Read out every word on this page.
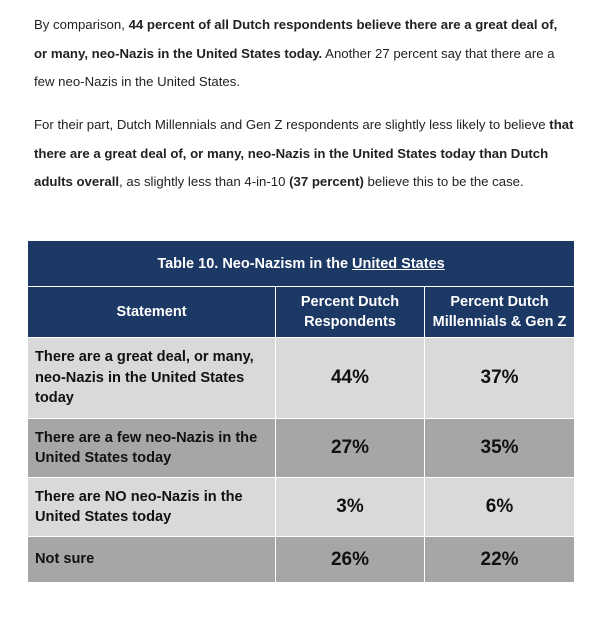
By comparison, 44 percent of all Dutch respondents believe there are a great deal of, or many, neo-Nazis in the United States today. Another 27 percent say that there are a few neo-Nazis in the United States.

For their part, Dutch Millennials and Gen Z respondents are slightly less likely to believe that there are a great deal of, or many, neo-Nazis in the United States today than Dutch adults overall, as slightly less than 4-in-10 (37 percent) believe this to be the case.

Table 10. Neo-Nazism in the United States		
Statement	Percent Dutch Respondents	Percent Dutch Millennials & Gen Z
There are a great deal, or many, neo-Nazis in the United States today	44%	37%
There are a few neo-Nazis in the United States today	27%	35%
There are NO neo-Nazis in the United States today	3%	6%
Not sure	26%	22%
